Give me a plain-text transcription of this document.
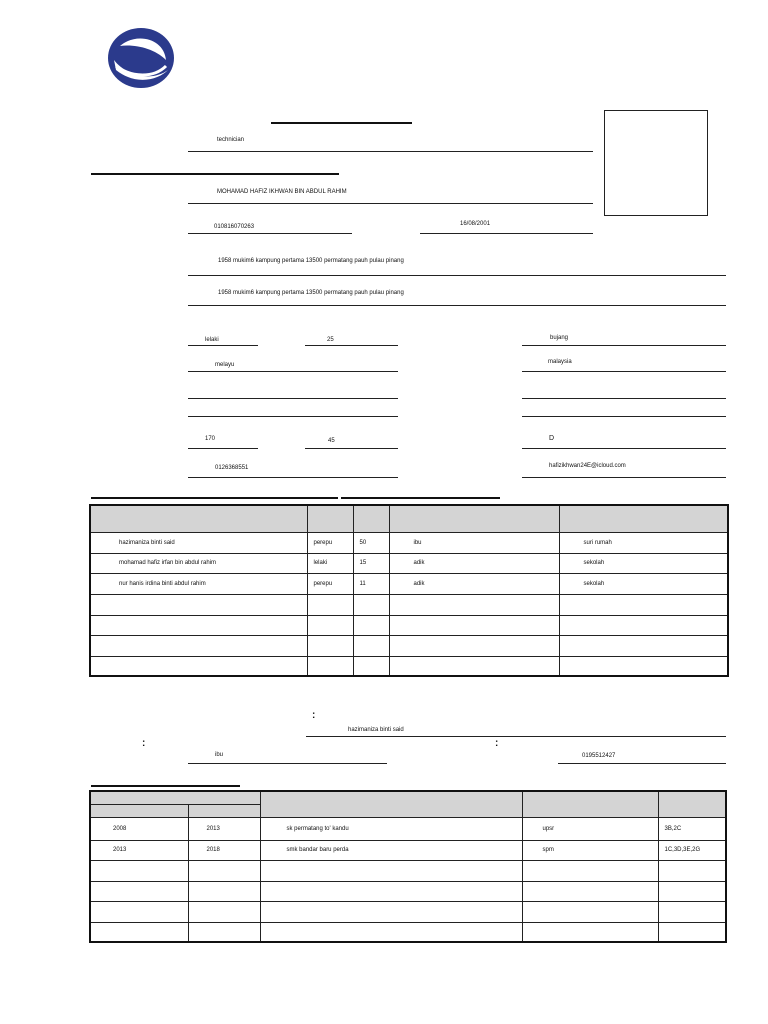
technician
MOHAMAD HAFIZ IKHWAN BIN ABDUL RAHIM
010816070263	16/08/2001
1958 mukim6 kampung pertama 13500 permatang pauh pulau pinang
1958 mukim6 kampung pertama 13500 permatang pauh pulau pinang
lelaki	25	bujang
melayu	malaysia
170	45	D
0126368551	hafizikhwan24E@icloud.com

hazimaniza binti said	perepu	50	ibu	suri rumah
mohamad hafiz irfan bin abdul rahim	lelaki	15	adik	sekolah
nur hanis irdina binti abdul rahim	perepu	11	adik	sekolah

:
hazimaniza binti said
:
ibu
:
0195512427

2008	2013	sk permatang to' kandu	upsr	3B,2C
2013	2018	smk bandar baru perda	spm	1C,3D,3E,2G
